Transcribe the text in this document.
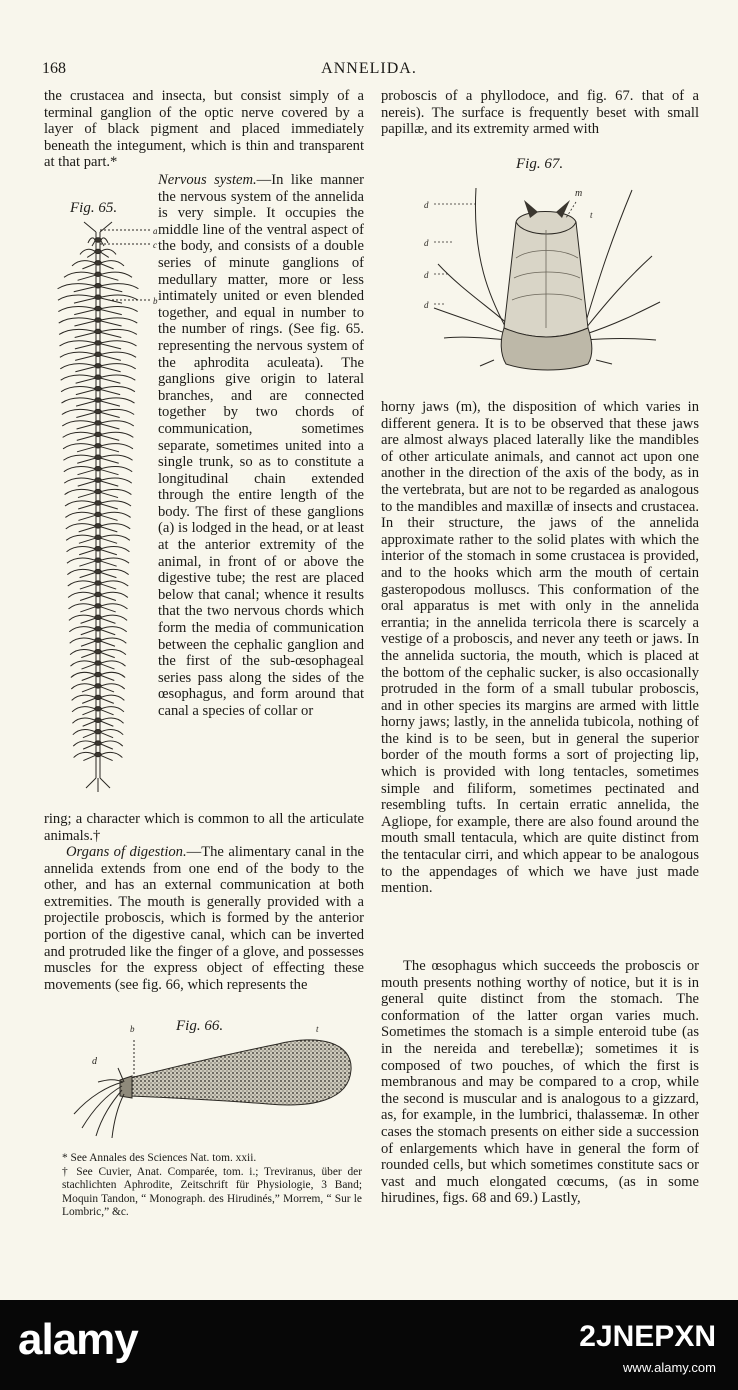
168	ANNELIDA.

the crustacea and insecta, but consist simply of a terminal ganglion of the optic nerve covered by a layer of black pigment and placed immediately beneath the integument, which is thin and transparent at that part.*

Nervous system.—In like manner the nervous system of the annelida is very simple. It occupies the middle line of the ventral aspect of the body, and consists of a double series of minute ganglions of medullary matter, more or less intimately united or even blended together, and equal in number to the number of rings. (See fig. 65. representing the nervous system of the aphrodita aculeata). The ganglions give origin to lateral branches, and are connected together by two chords of communication, sometimes separate, sometimes united into a single trunk, so as to constitute a longitudinal chain extended through the entire length of the body. The first of these ganglions (a) is lodged in the head, or at least at the anterior extremity of the animal, in front of or above the digestive tube; the rest are placed below that canal; whence it results that the two nervous chords which form the media of communication between the cephalic ganglion and the first of the sub-œsophageal series pass along the sides of the œsophagus, and form around that canal a species of collar or

Fig. 65.
a
c
b

ring; a character which is common to all the articulate animals.†

Organs of digestion.—The alimentary canal in the annelida extends from one end of the body to the other, and has an external communication at both extremities. The mouth is generally provided with a projectile proboscis, which is formed by the anterior portion of the digestive canal, which can be inverted and protruded like the finger of a glove, and possesses muscles for the express object of effecting these movements (see fig. 66, which represents the

Fig. 66.
b	t
d

* See Annales des Sciences Nat. tom. xxii.

† See Cuvier, Anat. Comparée, tom. i.; Treviranus, über der stachlichten Aphrodite, Zeitschrift für Physiologie, 3 Band; Moquin Tandon, “ Monograph. des Hirudinés,” Morrem, “ Sur le Lombric,” &c.

proboscis of a phyllodoce, and fig. 67. that of a nereis). The surface is frequently beset with small papillæ, and its extremity armed with

Fig. 67.
m
d
t
d
d
d

horny jaws (m), the disposition of which varies in different genera. It is to be observed that these jaws are almost always placed laterally like the mandibles of other articulate animals, and cannot act upon one another in the direction of the axis of the body, as in the vertebrata, but are not to be regarded as analogous to the mandibles and maxillæ of insects and crustacea. In their structure, the jaws of the annelida approximate rather to the solid plates with which the interior of the stomach in some crustacea is provided, and to the hooks which arm the mouth of certain gasteropodous molluscs. This conformation of the oral apparatus is met with only in the annelida errantia; in the annelida terricola there is scarcely a vestige of a proboscis, and never any teeth or jaws. In the annelida suctoria, the mouth, which is placed at the bottom of the cephalic sucker, is also occasionally protruded in the form of a small tubular proboscis, and in other species its margins are armed with little horny jaws; lastly, in the annelida tubicola, nothing of the kind is to be seen, but in general the superior border of the mouth forms a sort of projecting lip, which is provided with long tentacles, sometimes simple and filiform, sometimes pectinated and resembling tufts. In certain erratic annelida, the Agliope, for example, there are also found around the mouth small tentacula, which are quite distinct from the tentacular cirri, and which appear to be analogous to the appendages of which we have just made mention.

The œsophagus which succeeds the proboscis or mouth presents nothing worthy of notice, but it is in general quite distinct from the stomach. The conformation of the latter organ varies much. Sometimes the stomach is a simple enteroid tube (as in the nereida and terebellæ); sometimes it is composed of two pouches, of which the first is membranous and may be compared to a crop, while the second is muscular and is analogous to a gizzard, as, for example, in the lumbrici, thalassemæ. In other cases the stomach presents on either side a succession of enlargements which have in general the form of rounded cells, but which sometimes constitute sacs or vast and much elongated cœcums, (as in some hirudines, figs. 68 and 69.) Lastly,

alamy	2JNEPXN
www.alamy.com
